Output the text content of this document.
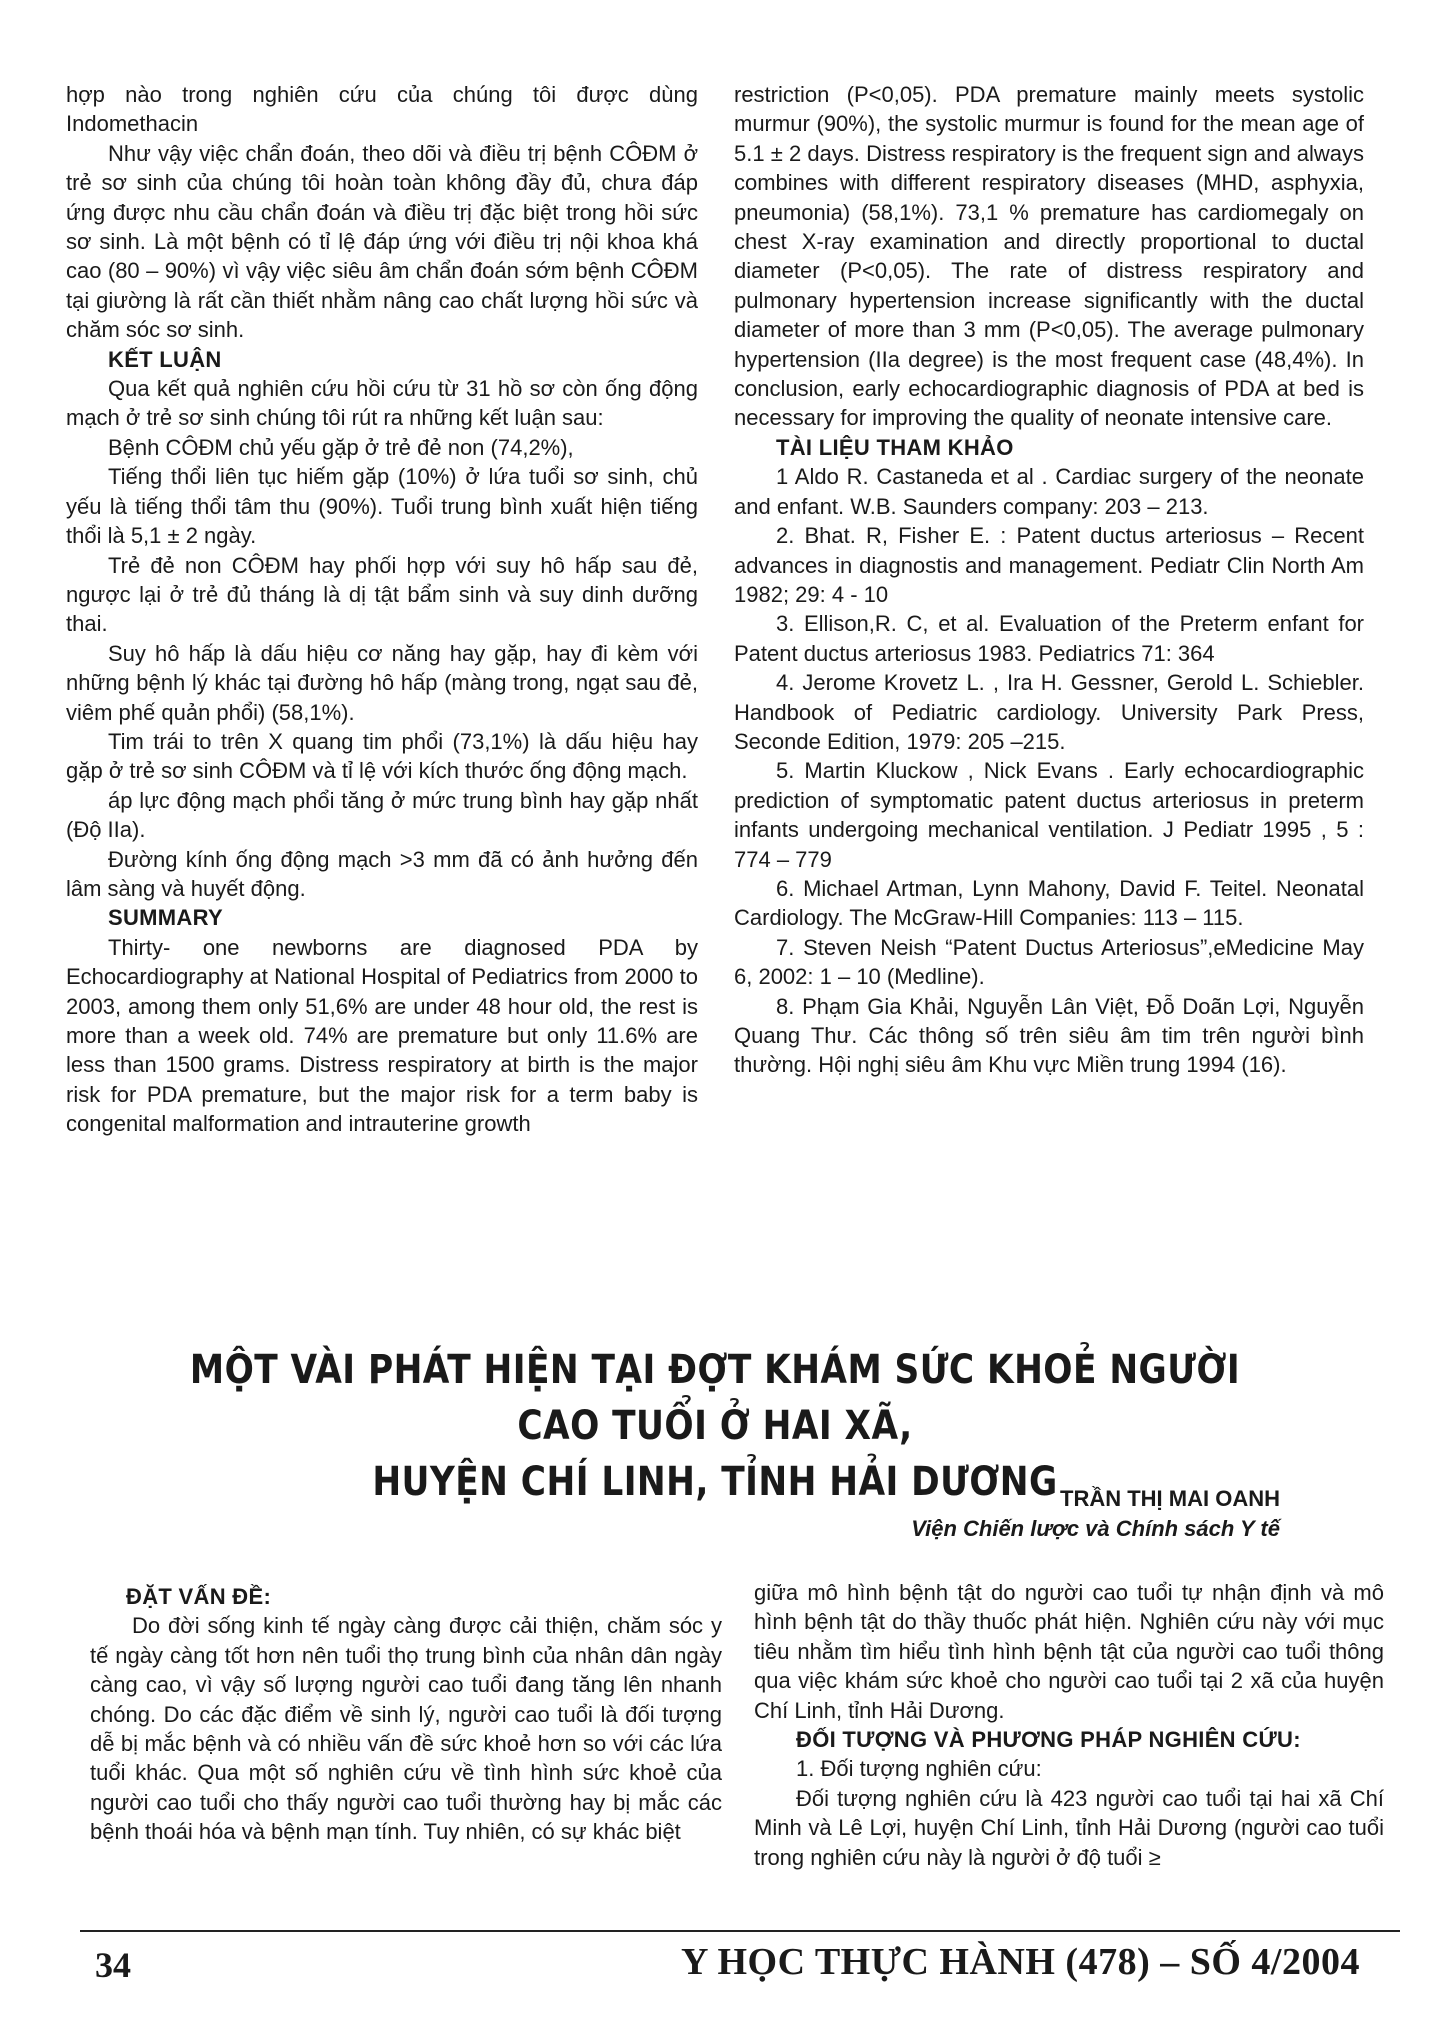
hợp nào trong nghiên cứu của chúng tôi được dùng Indomethacin

Như vậy việc chẩn đoán, theo dõi và điều trị bệnh CÔĐM ở trẻ sơ sinh của chúng tôi hoàn toàn không đầy đủ, chưa đáp ứng được nhu cầu chẩn đoán và điều trị đặc biệt trong hồi sức sơ sinh. Là một bệnh có tỉ lệ đáp ứng với điều trị nội khoa khá cao (80 – 90%) vì vậy việc siêu âm chẩn đoán sớm bệnh CÔĐM tại giường là rất cần thiết nhằm nâng cao chất lượng hồi sức và chăm sóc sơ sinh.

KẾT LUẬN

Qua kết quả nghiên cứu hồi cứu từ 31 hồ sơ còn ống động mạch ở trẻ sơ sinh chúng tôi rút ra những kết luận sau:

Bệnh CÔĐM chủ yếu gặp ở trẻ đẻ non (74,2%),

Tiếng thổi liên tục hiếm gặp (10%) ở lứa tuổi sơ sinh, chủ yếu là tiếng thổi tâm thu (90%). Tuổi trung bình xuất hiện tiếng thổi là 5,1 ± 2 ngày.

Trẻ đẻ non CÔĐM hay phối hợp với suy hô hấp sau đẻ, ngược lại ở trẻ đủ tháng là dị tật bẩm sinh và suy dinh dưỡng thai.

Suy hô hấp là dấu hiệu cơ năng hay gặp, hay đi kèm với những bệnh lý khác tại đường hô hấp (màng trong, ngạt sau đẻ, viêm phế quản phổi) (58,1%).

Tim trái to trên X quang tim phổi (73,1%) là dấu hiệu hay gặp ở trẻ sơ sinh CÔĐM và tỉ lệ với kích thước ống động mạch.

áp lực động mạch phổi tăng ở mức trung bình hay gặp nhất (Độ IIa).

Đường kính ống động mạch >3 mm đã có ảnh hưởng đến lâm sàng và huyết động.

SUMMARY

Thirty- one newborns are diagnosed PDA by Echocardiography at National Hospital of Pediatrics from 2000 to 2003, among them only 51,6% are under 48 hour old, the rest is more than a week old. 74% are premature but only 11.6% are less than 1500 grams. Distress respiratory at birth is the major risk for PDA premature, but the major risk for a term baby is congenital malformation and intrauterine growth

restriction (P<0,05). PDA premature mainly meets systolic murmur (90%), the systolic murmur is found for the mean age of 5.1 ± 2 days. Distress respiratory is the frequent sign and always combines with different respiratory diseases (MHD, asphyxia, pneumonia) (58,1%). 73,1 % premature has cardiomegaly on chest X-ray examination and directly proportional to ductal diameter (P<0,05). The rate of distress respiratory and pulmonary hypertension increase significantly with the ductal diameter of more than 3 mm (P<0,05). The average pulmonary hypertension (IIa degree) is the most frequent case (48,4%). In conclusion, early echocardiographic diagnosis of PDA at bed is necessary for improving the quality of neonate intensive care.

TÀI LIỆU THAM KHẢO

1 Aldo R. Castaneda et al . Cardiac surgery of the neonate and enfant. W.B. Saunders company: 203 – 213.

2. Bhat. R, Fisher E. : Patent ductus arteriosus – Recent advances in diagnostis and management. Pediatr Clin North Am 1982; 29: 4 - 10

3. Ellison,R. C, et al. Evaluation of the Preterm enfant for Patent ductus arteriosus 1983. Pediatrics 71: 364

4. Jerome Krovetz L. , Ira H. Gessner, Gerold L. Schiebler. Handbook of Pediatric cardiology. University Park Press, Seconde Edition, 1979: 205 –215.

5. Martin Kluckow , Nick Evans . Early echocardiographic prediction of symptomatic patent ductus arteriosus in preterm infants undergoing mechanical ventilation. J Pediatr 1995 , 5 : 774 – 779

6. Michael Artman, Lynn Mahony, David F. Teitel. Neonatal Cardiology. The McGraw-Hill Companies: 113 – 115.

7. Steven Neish “Patent Ductus Arteriosus”,eMedicine May 6, 2002: 1 – 10 (Medline).

8. Phạm Gia Khải, Nguyễn Lân Việt, Đỗ Doãn Lợi, Nguyễn Quang Thư. Các thông số trên siêu âm tim trên người bình thường. Hội nghị siêu âm Khu vực Miền trung 1994 (16).

MỘT VÀI PHÁT HIỆN TẠI ĐỢT KHÁM SỨC KHOẺ NGƯỜI CAO TUỔI Ở HAI XÃ,
HUYỆN CHÍ LINH, TỈNH HẢI DƯƠNG TRẦN THỊ MAI OANH
Viện Chiến lược và Chính sách Y tế

ĐẶT VẤN ĐỀ:

Do đời sống kinh tế ngày càng được cải thiện, chăm sóc y tế ngày càng tốt hơn nên tuổi thọ trung bình của nhân dân ngày càng cao, vì vậy số lượng người cao tuổi đang tăng lên nhanh chóng. Do các đặc điểm về sinh lý, người cao tuổi là đối tượng dễ bị mắc bệnh và có nhiều vấn đề sức khoẻ hơn so với các lứa tuổi khác. Qua một số nghiên cứu về tình hình sức khoẻ của người cao tuổi cho thấy người cao tuổi thường hay bị mắc các bệnh thoái hóa và bệnh mạn tính. Tuy nhiên, có sự khác biệt

giữa mô hình bệnh tật do người cao tuổi tự nhận định và mô hình bệnh tật do thầy thuốc phát hiện. Nghiên cứu này với mục tiêu nhằm tìm hiểu tình hình bệnh tật của người cao tuổi thông qua việc khám sức khoẻ cho người cao tuổi tại 2 xã của huyện Chí Linh, tỉnh Hải Dương.

ĐỐI TƯỢNG VÀ PHƯƠNG PHÁP NGHIÊN CỨU:

1. Đối tượng nghiên cứu:

Đối tượng nghiên cứu là 423 người cao tuổi tại hai xã Chí Minh và Lê Lợi, huyện Chí Linh, tỉnh Hải Dương (người cao tuổi trong nghiên cứu này là người ở độ tuổi ≥

34	Y HỌC THỰC HÀNH (478) – SỐ 4/2004
